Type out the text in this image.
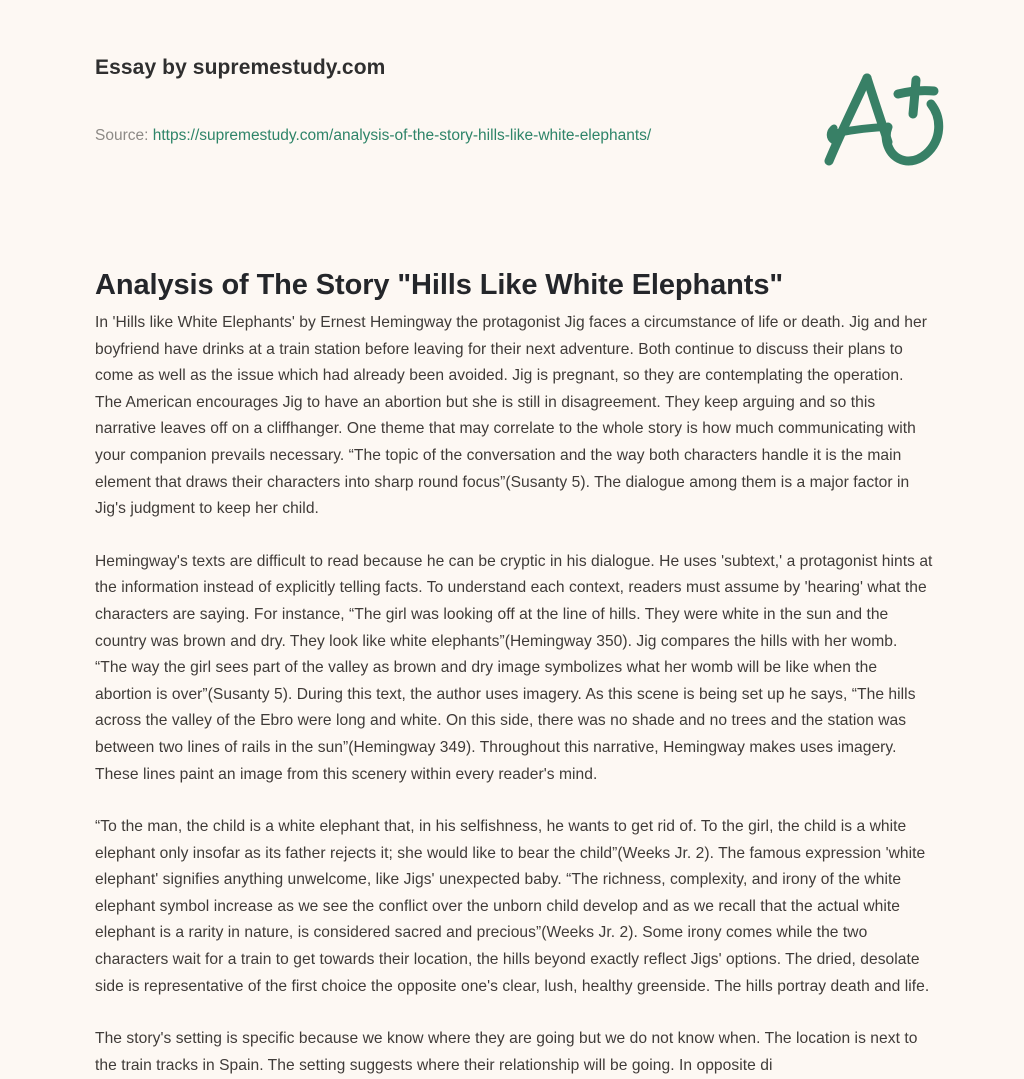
Essay by supremestudy.com
Source: https://supremestudy.com/analysis-of-the-story-hills-like-white-elephants/
Analysis of The Story "Hills Like White Elephants"

In 'Hills like White Elephants' by Ernest Hemingway the protagonist Jig faces a circumstance of life or death. Jig and her boyfriend have drinks at a train station before leaving for their next adventure. Both continue to discuss their plans to come as well as the issue which had already been avoided. Jig is pregnant, so they are contemplating the operation. The American encourages Jig to have an abortion but she is still in disagreement. They keep arguing and so this narrative leaves off on a cliffhanger. One theme that may correlate to the whole story is how much communicating with your companion prevails necessary. “The topic of the conversation and the way both characters handle it is the main element that draws their characters into sharp round focus”(Susanty 5). The dialogue among them is a major factor in Jig's judgment to keep her child.

Hemingway's texts are difficult to read because he can be cryptic in his dialogue. He uses 'subtext,' a protagonist hints at the information instead of explicitly telling facts. To understand each context, readers must assume by 'hearing' what the characters are saying. For instance, “The girl was looking off at the line of hills. They were white in the sun and the country was brown and dry. They look like white elephants”(Hemingway 350). Jig compares the hills with her womb. “The way the girl sees part of the valley as brown and dry image symbolizes what her womb will be like when the abortion is over”(Susanty 5). During this text, the author uses imagery. As this scene is being set up he says, “The hills across the valley of the Ebro were long and white. On this side, there was no shade and no trees and the station was between two lines of rails in the sun”(Hemingway 349). Throughout this narrative, Hemingway makes uses imagery. These lines paint an image from this scenery within every reader's mind.

“To the man, the child is a white elephant that, in his selfishness, he wants to get rid of. To the girl, the child is a white elephant only insofar as its father rejects it; she would like to bear the child”(Weeks Jr. 2). The famous expression 'white elephant' signifies anything unwelcome, like Jigs' unexpected baby. “The richness, complexity, and irony of the white elephant symbol increase as we see the conflict over the unborn child develop and as we recall that the actual white elephant is a rarity in nature, is considered sacred and precious”(Weeks Jr. 2). Some irony comes while the two characters wait for a train to get towards their location, the hills beyond exactly reflect Jigs' options. The dried, desolate side is representative of the first choice the opposite one's clear, lush, healthy greenside. The hills portray death and life.

The story's setting is specific because we know where they are going but we do not know when. The location is next to the train tracks in Spain. The setting suggests where their relationship will be going. In opposite di
